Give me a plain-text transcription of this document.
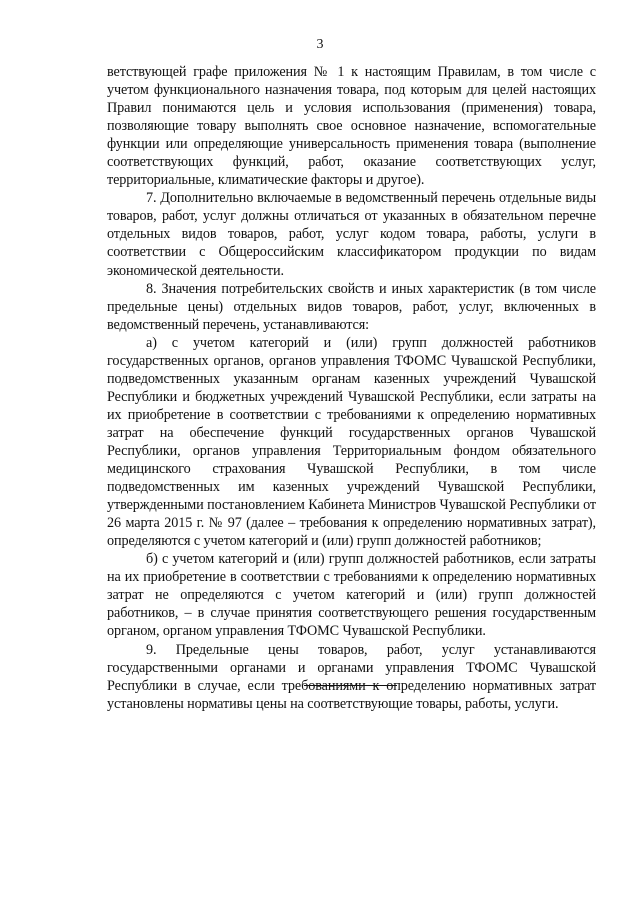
3

ветствующей графе приложения № 1 к настоящим Правилам, в том числе с учетом функционального назначения товара, под которым для целей настоящих Правил понимаются цель и условия использования (применения) товара, позволяющие товару выполнять свое основное назначение, вспомогательные функции или определяющие универсальность применения товара (выполнение соответствующих функций, работ, оказание соответствующих услуг, территориальные, климатические факторы и другое).

7. Дополнительно включаемые в ведомственный перечень отдельные виды товаров, работ, услуг должны отличаться от указанных в обязательном перечне отдельных видов товаров, работ, услуг кодом товара, работы, услуги в соответствии с Общероссийским классификатором продукции по видам экономической деятельности.

8. Значения потребительских свойств и иных характеристик (в том числе предельные цены) отдельных видов товаров, работ, услуг, включенных в ведомственный перечень, устанавливаются:

а) с учетом категорий и (или) групп должностей работников государственных органов, органов управления ТФОМС Чувашской Республики, подведомственных указанным органам казенных учреждений Чувашской Республики и бюджетных учреждений Чувашской Республики, если затраты на их приобретение в соответствии с требованиями к определению нормативных затрат на обеспечение функций государственных органов Чувашской Республики, органов управления Территориальным фондом обязательного медицинского страхования Чувашской Республики, в том числе подведомственных им казенных учреждений Чувашской Республики, утвержденными постановлением Кабинета Министров Чувашской Республики от 26 марта 2015 г. № 97 (далее – требования к определению нормативных затрат), определяются с учетом категорий и (или) групп должностей работников;

б) с учетом категорий и (или) групп должностей работников, если затраты на их приобретение в соответствии с требованиями к определению нормативных затрат не определяются с учетом категорий и (или) групп должностей работников, – в случае принятия соответствующего решения государственным органом, органом управления ТФОМС Чувашской Республики.

9. Предельные цены товаров, работ, услуг устанавливаются государственными органами и органами управления ТФОМС Чувашской Республики в случае, если требованиями к определению нормативных затрат установлены нормативы цены на соответствующие товары, работы, услуги.
